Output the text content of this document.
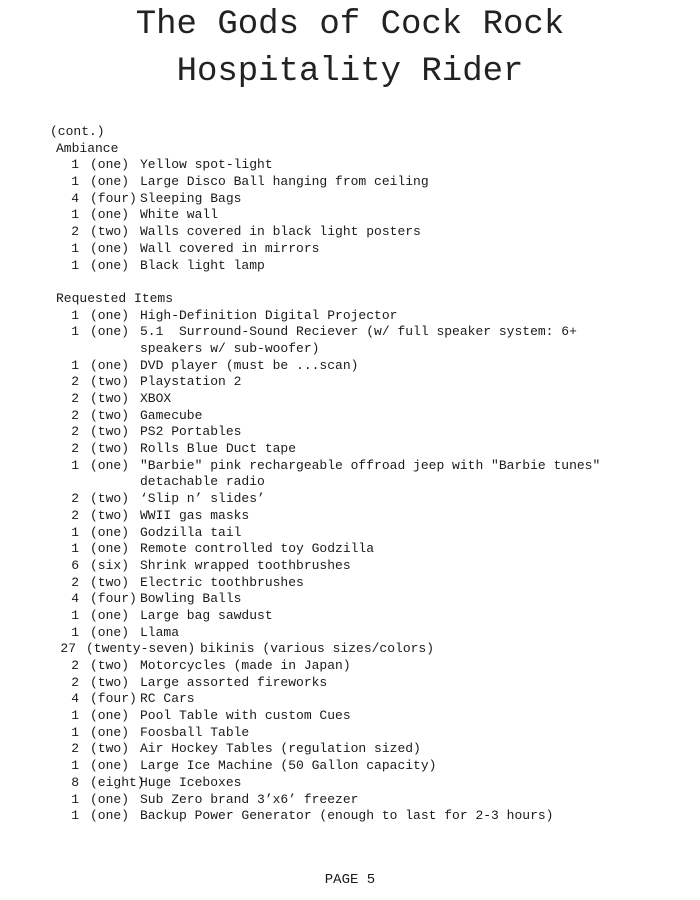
The Gods of Cock Rock
Hospitality Rider
(cont.)
Ambiance
1 (one) Yellow spot-light
1 (one) Large Disco Ball hanging from ceiling
4 (four) Sleeping Bags
1 (one) White wall
2 (two) Walls covered in black light posters
1 (one) Wall covered in mirrors
1 (one) Black light lamp
Requested Items
1 (one) High-Definition Digital Projector
1 (one) 5.1  Surround-Sound Reciever (w/ full speaker system: 6+
speakers w/ sub-woofer)
1 (one) DVD player (must be ...scan)
2 (two) Playstation 2
2 (two) XBOX
2 (two) Gamecube
2 (two) PS2 Portables
2 (two) Rolls Blue Duct tape
1 (one) "Barbie" pink rechargeable offroad jeep with "Barbie tunes"
detachable radio
2 (two) ‘Slip n’ slides’
2 (two) WWII gas masks
1 (one) Godzilla tail
1 (one) Remote controlled toy Godzilla
6 (six) Shrink wrapped toothbrushes
2 (two) Electric toothbrushes
4 (four) Bowling Balls
1 (one) Large bag sawdust
1 (one) Llama
27 (twenty-seven) bikinis (various sizes/colors)
2 (two) Motorcycles (made in Japan)
2 (two) Large assorted fireworks
4 (four) RC Cars
1 (one) Pool Table with custom Cues
1 (one) Foosball Table
2 (two) Air Hockey Tables (regulation sized)
1 (one) Large Ice Machine (50 Gallon capacity)
8 (eight)
Huge Iceboxes
1 (one) Sub Zero brand 3’x6’ freezer
1 (one) Backup Power Generator (enough to last for 2-3 hours)
PAGE 5
